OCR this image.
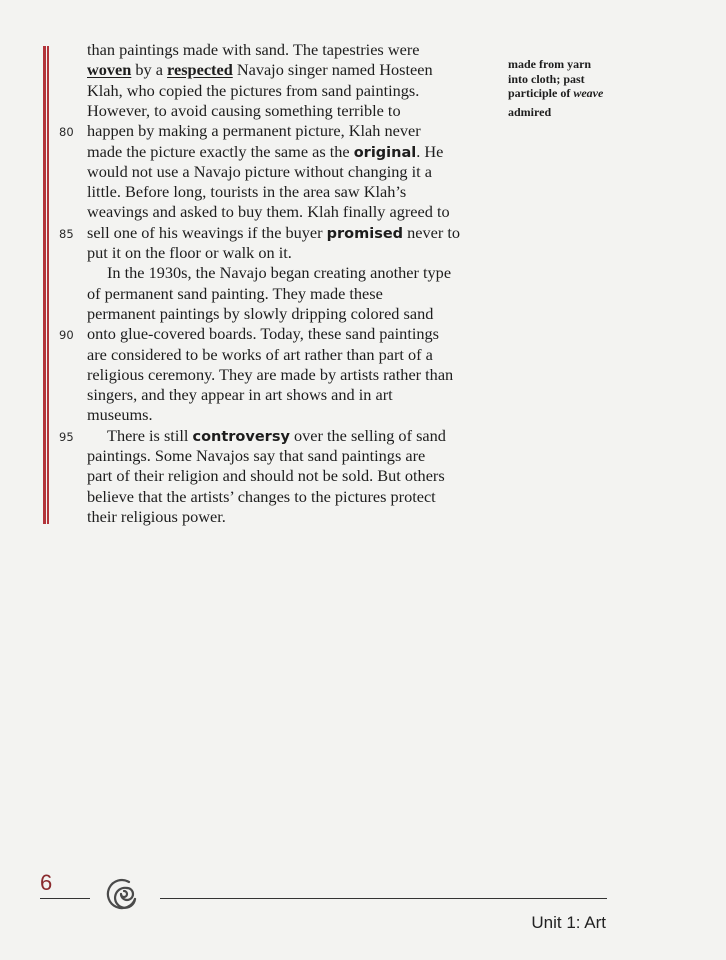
than paintings made with sand. The tapestries were
woven by a respected Navajo singer named Hosteen
Klah, who copied the pictures from sand paintings.
However, to avoid causing something terrible to
happen by making a permanent picture, Klah never
80
made the picture exactly the same as the original. He
would not use a Navajo picture without changing it a
little. Before long, tourists in the area saw Klah’s
weavings and asked to buy them. Klah finally agreed to
sell one of his weavings if the buyer promised never to
85
put it on the floor or walk on it.
In the 1930s, the Navajo began creating another type
of permanent sand painting. They made these
permanent paintings by slowly dripping colored sand
onto glue-covered boards. Today, these sand paintings
90
are considered to be works of art rather than part of a
religious ceremony. They are made by artists rather than
singers, and they appear in art shows and in art
museums.
There is still controversy over the selling of sand
95
paintings. Some Navajos say that sand paintings are
part of their religion and should not be sold. But others
believe that the artists’ changes to the pictures protect
their religious power.
made from yarn
into cloth; past
participle of weave
admired
6
Unit 1: Art
